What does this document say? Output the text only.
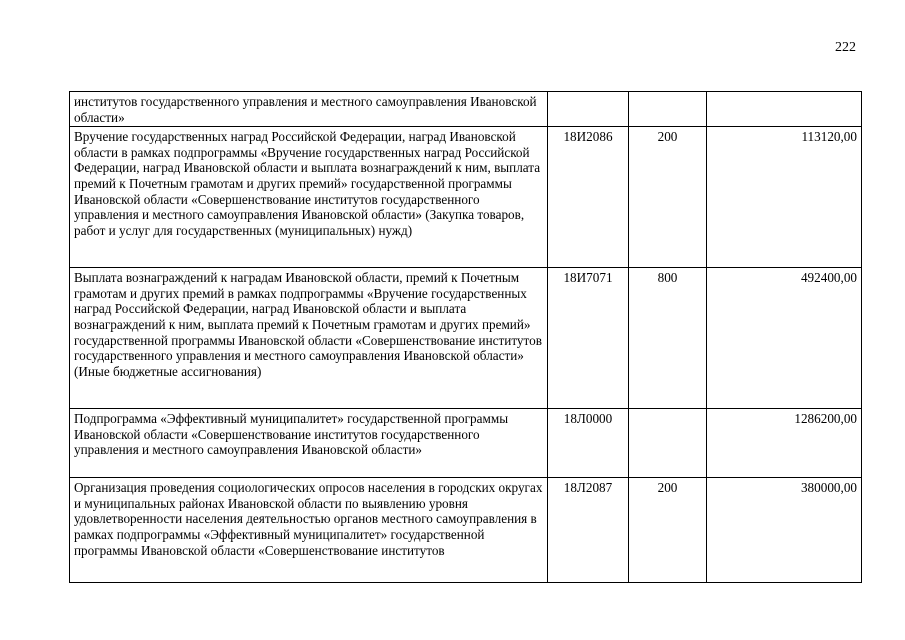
222
институтов государственного управления и местного самоуправления Ивановской области»			
Вручение государственных наград Российской Федерации, наград Ивановской области в рамках подпрограммы «Вручение государственных наград Российской Федерации, наград Ивановской области и выплата вознаграждений к ним, выплата премий к Почетным грамотам и других премий» государственной программы Ивановской области «Совершенствование институтов государственного управления и местного самоуправления Ивановской области» (Закупка товаров, работ и услуг для государственных (муниципальных) нужд)	18И2086	200	113120,00
Выплата вознаграждений к наградам Ивановской области, премий к Почетным грамотам и других премий в рамках подпрограммы «Вручение государственных наград Российской Федерации, наград Ивановской области и выплата вознаграждений к ним, выплата премий к Почетным грамотам и других премий» государственной программы Ивановской области «Совершенствование институтов государственного управления и местного самоуправления Ивановской области» (Иные бюджетные ассигнования)	18И7071	800	492400,00
Подпрограмма «Эффективный муниципалитет» государственной программы Ивановской области «Совершенствование институтов государственного управления и местного самоуправления Ивановской области»	18Л0000		1286200,00
Организация проведения социологических опросов населения в городских округах и муниципальных районах Ивановской области по выявлению уровня удовлетворенности населения деятельностью органов местного самоуправления в рамках подпрограммы «Эффективный муниципалитет» государственной программы Ивановской области «Совершенствование институтов	18Л2087	200	380000,00
